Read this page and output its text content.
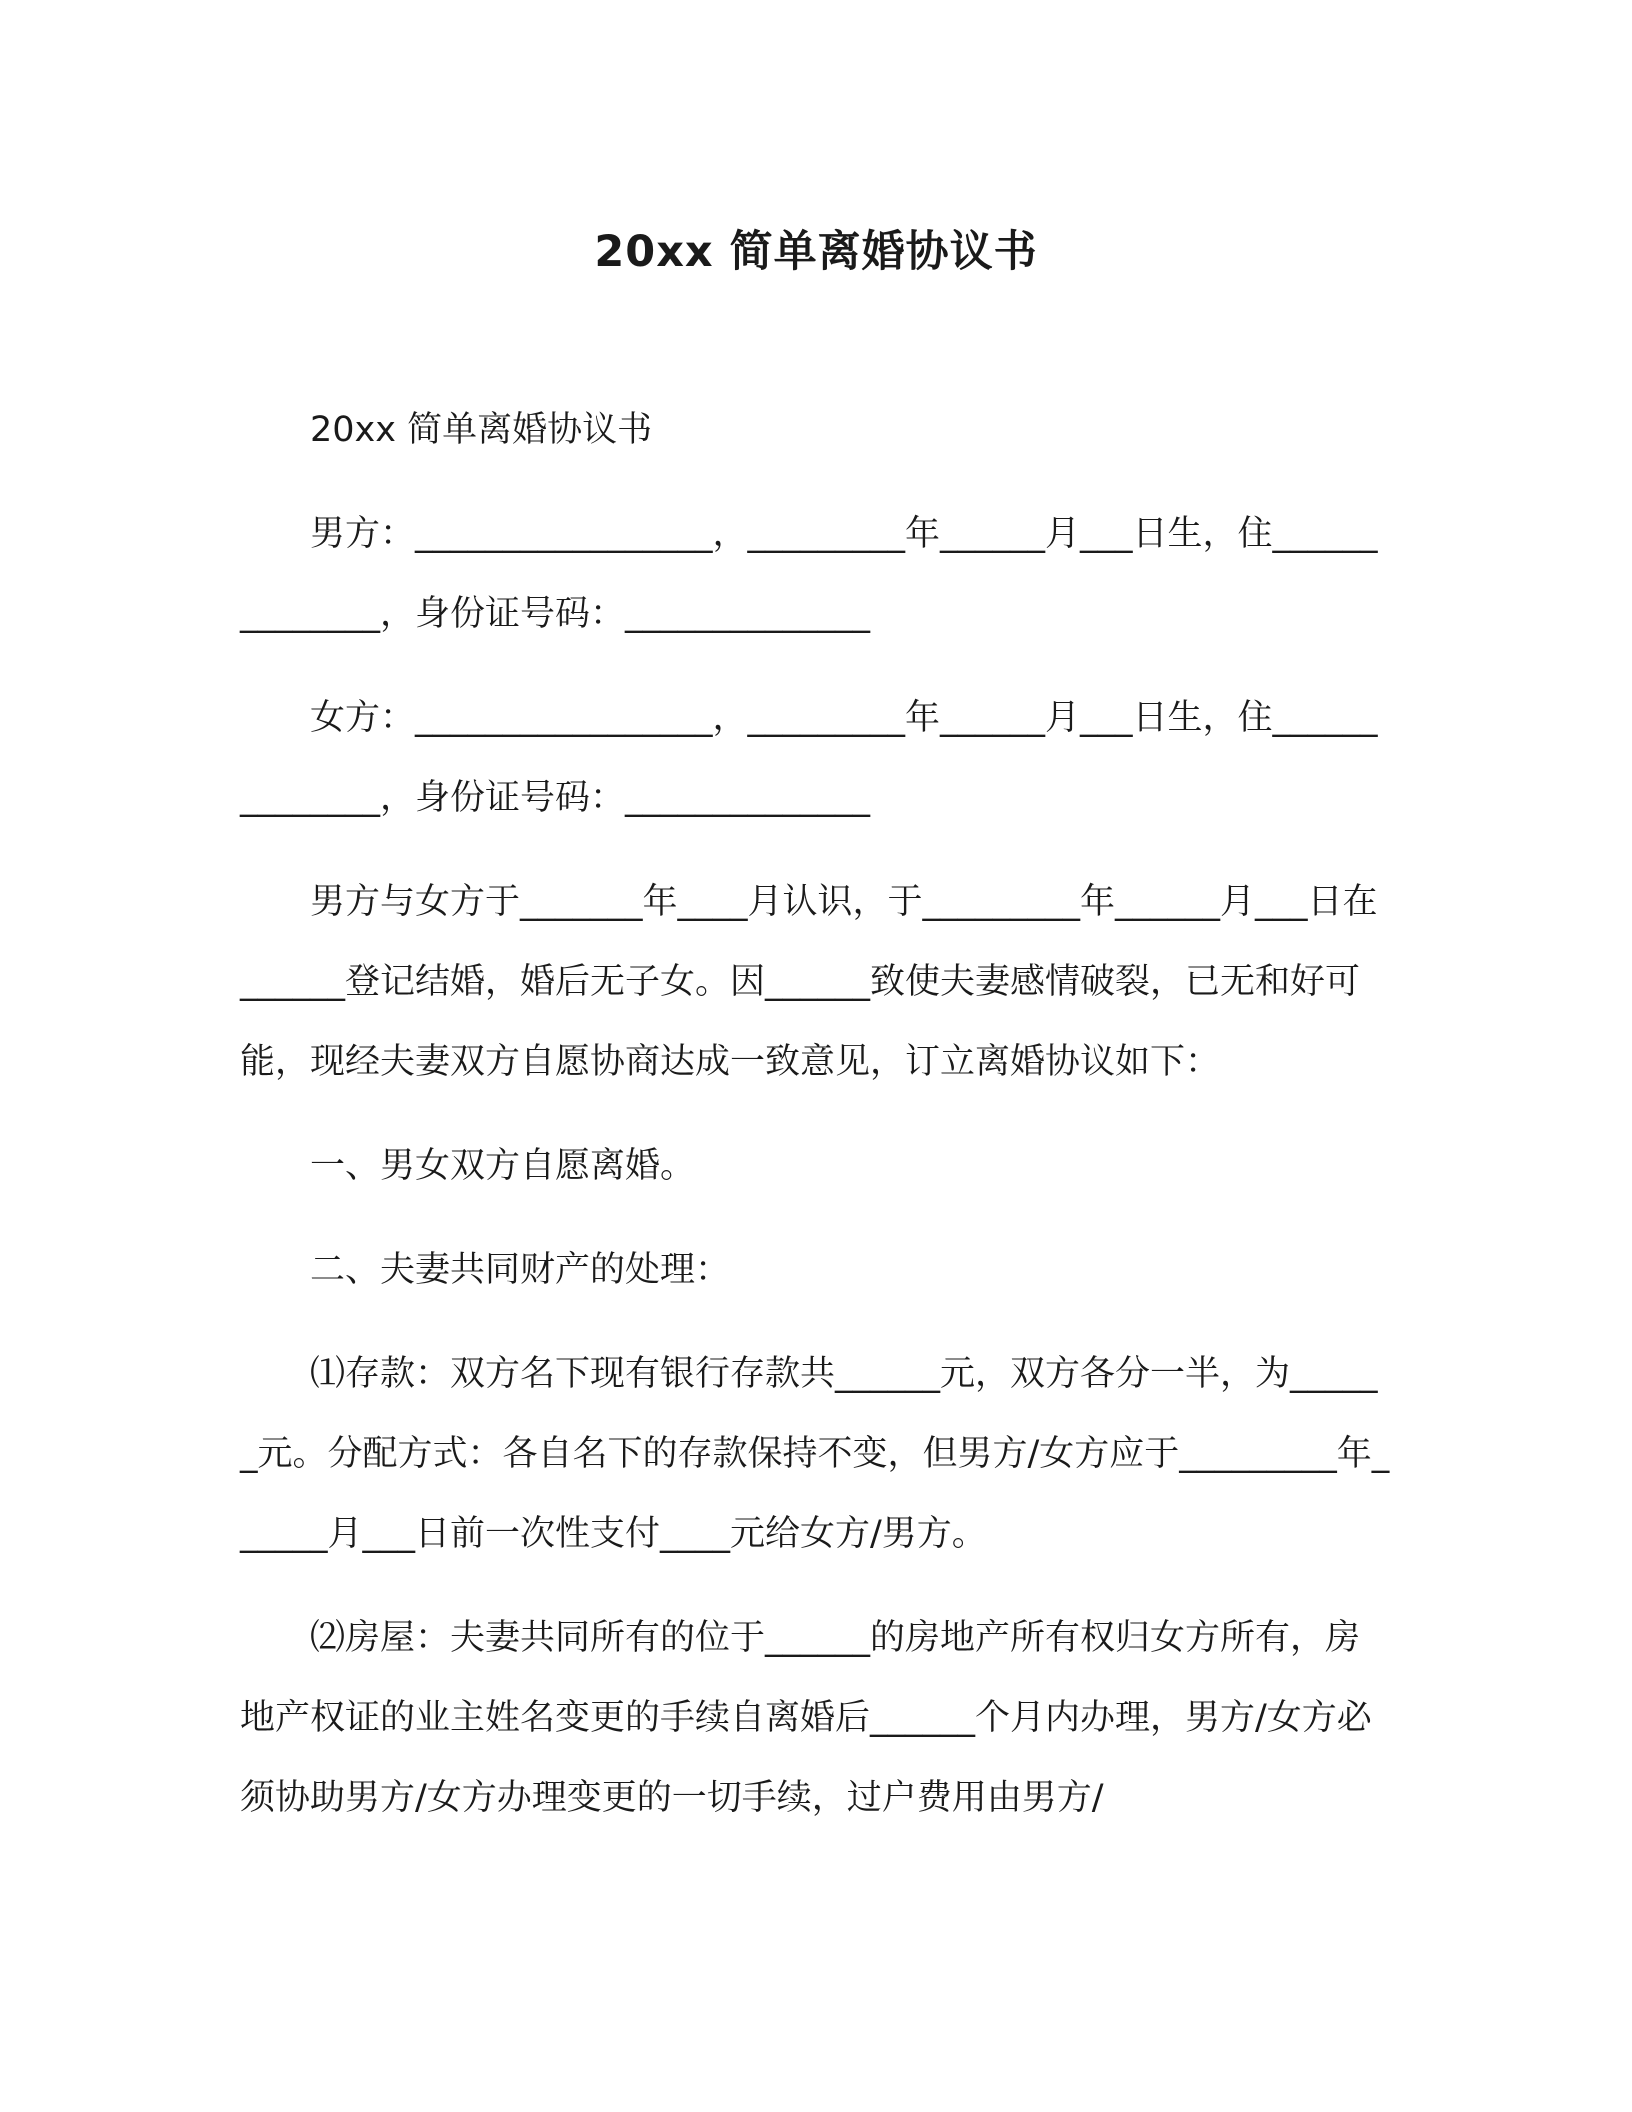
20xx 简单离婚协议书

20xx 简单离婚协议书

男方：_________________，_________年______月___日生，住______________，身份证号码：______________

女方：_________________，_________年______月___日生，住______________，身份证号码：______________

男方与女方于_______年____月认识，于_________年______月___日在______登记结婚，婚后无子女。因______致使夫妻感情破裂，已无和好可能，现经夫妻双方自愿协商达成一致意见，订立离婚协议如下：

一、男女双方自愿离婚。

二、夫妻共同财产的处理：

⑴存款：双方名下现有银行存款共______元，双方各分一半，为______元。分配方式：各自名下的存款保持不变，但男方/女方应于_________年______月___日前一次性支付____元给女方/男方。

⑵房屋：夫妻共同所有的位于______的房地产所有权归女方所有，房地产权证的业主姓名变更的手续自离婚后______个月内办理，男方/女方必须协助男方/女方办理变更的一切手续，过户费用由男方/
